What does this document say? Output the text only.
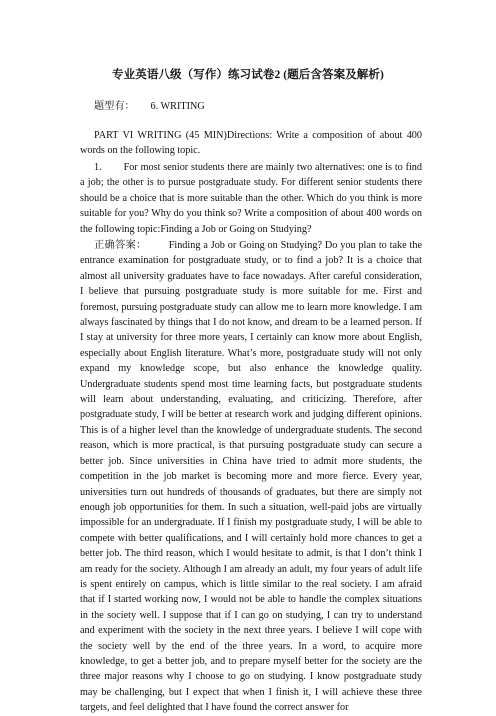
专业英语八级（写作）练习试卷2 (题后含答案及解析)
题型有： 6. WRITING

PART VI WRITING (45 MIN)Directions: Write a composition of about 400 words on the following topic.

1. For most senior students there are mainly two alternatives: one is to find a job; the other is to pursue postgraduate study. For different senior students there should be a choice that is more suitable than the other. Which do you think is more suitable for you? Why do you think so? Write a composition of about 400 words on the following topic:Finding a Job or Going on Studying?

正确答案： Finding a Job or Going on Studying? Do you plan to take the entrance examination for postgraduate study, or to find a job? It is a choice that almost all university graduates have to face nowadays. After careful consideration, I believe that pursuing postgraduate study is more suitable for me. First and foremost, pursuing postgraduate study can allow me to learn more knowledge. I am always fascinated by things that I do not know, and dream to be a learned person. If I stay at university for three more years, I certainly can know more about English, especially about English literature. What’s more, postgraduate study will not only expand my knowledge scope, but also enhance the knowledge quality. Undergraduate students spend most time learning facts, but postgraduate students will learn about understanding, evaluating, and criticizing. Therefore, after postgraduate study, I will be better at research work and judging different opinions. This is of a higher level than the knowledge of undergraduate students. The second reason, which is more practical, is that pursuing postgraduate study can secure a better job. Since universities in China have tried to admit more students, the competition in the job market is becoming more and more fierce. Every year, universities turn out hundreds of thousands of graduates, but there are simply not enough job opportunities for them. In such a situation, well-paid jobs are virtually impossible for an undergraduate. If I finish my postgraduate study, I will be able to compete with better qualifications, and I will certainly hold more chances to get a better job. The third reason, which I would hesitate to admit, is that I don’t think I am ready for the society. Although I am already an adult, my four years of adult life is spent entirely on campus, which is little similar to the real society. I am afraid that if I started working now, I would not be able to handle the complex situations in the society well. I suppose that if I can go on studying, I can try to understand and experiment with the society in the next three years. I believe I will cope with the society well by the end of the three years. In a word, to acquire more knowledge, to get a better job, and to prepare myself better for the society are the three major reasons why I choose to go on studying. I know postgraduate study may be challenging, but I expect that when I finish it, I will achieve these three targets, and feel delighted that I have found the correct answer for
